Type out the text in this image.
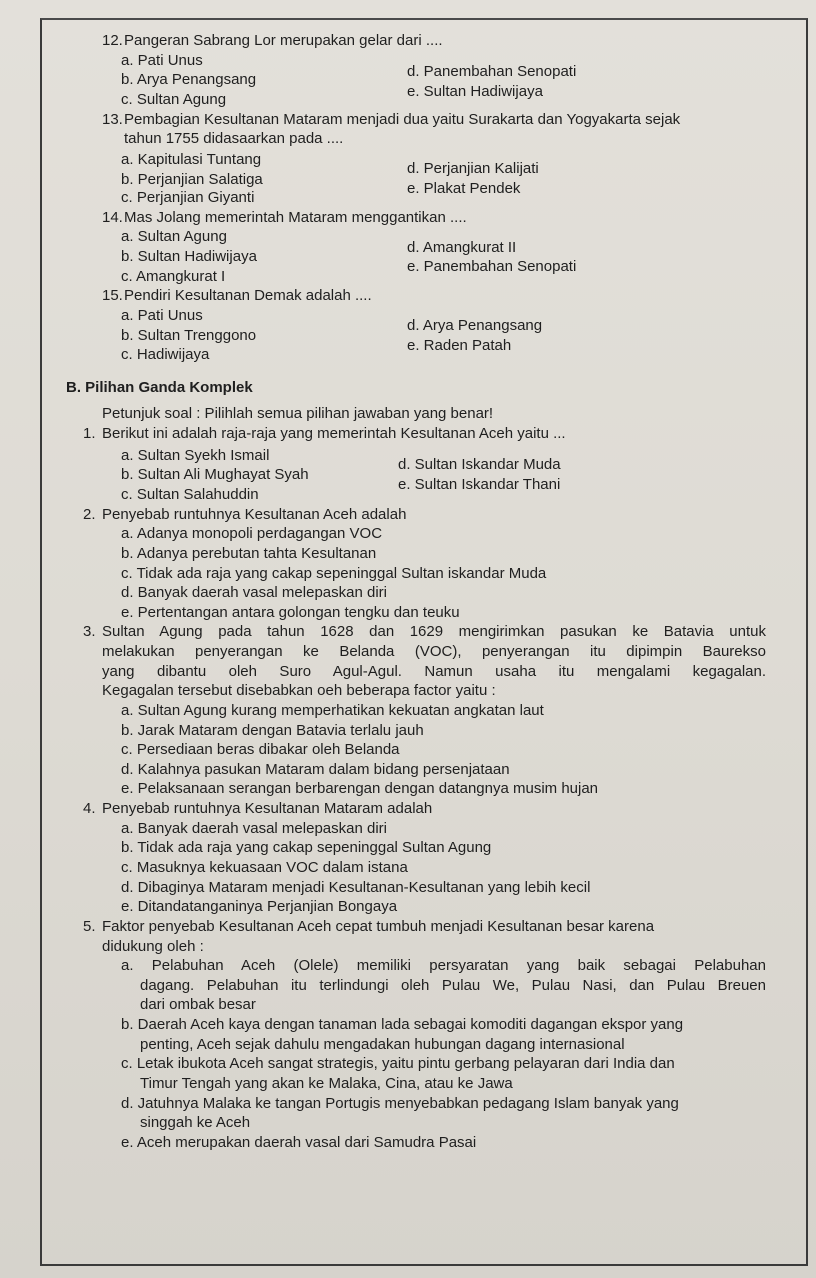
12. Pangeran Sabrang Lor merupakan gelar dari ....
a. Pati Unus
b. Arya Penangsang
c. Sultan Agung
d. Panembahan Senopati
e. Sultan Hadiwijaya
13. Pembagian Kesultanan Mataram menjadi dua yaitu Surakarta dan Yogyakarta sejak
tahun 1755 didasaarkan pada ....
a. Kapitulasi Tuntang
b. Perjanjian Salatiga
c. Perjanjian Giyanti
d. Perjanjian Kalijati
e. Plakat Pendek
14. Mas Jolang memerintah Mataram menggantikan ....
a. Sultan Agung
b. Sultan Hadiwijaya
c. Amangkurat I
d. Amangkurat II
e. Panembahan Senopati
15. Pendiri Kesultanan Demak adalah ....
a. Pati Unus
b. Sultan Trenggono
c. Hadiwijaya
d. Arya Penangsang
e. Raden Patah
B. Pilihan Ganda Komplek
Petunjuk soal : Pilihlah semua pilihan jawaban yang benar!
1. Berikut ini adalah raja-raja yang memerintah Kesultanan Aceh yaitu ...
a. Sultan Syekh Ismail
b. Sultan Ali Mughayat Syah
c. Sultan Salahuddin
d. Sultan Iskandar Muda
e. Sultan Iskandar Thani
2. Penyebab runtuhnya Kesultanan Aceh adalah
a. Adanya monopoli perdagangan VOC
b. Adanya perebutan tahta Kesultanan
c. Tidak ada raja yang cakap sepeninggal Sultan iskandar Muda
d. Banyak daerah vasal melepaskan diri
e. Pertentangan antara golongan tengku dan teuku
3. Sultan Agung pada tahun 1628 dan 1629 mengirimkan pasukan ke Batavia untuk
melakukan penyerangan ke Belanda (VOC), penyerangan itu dipimpin Baurekso
yang dibantu oleh Suro Agul-Agul. Namun usaha itu mengalami kegagalan.
Kegagalan tersebut disebabkan oeh beberapa factor yaitu :
a. Sultan Agung kurang memperhatikan kekuatan angkatan laut
b. Jarak Mataram dengan Batavia terlalu jauh
c. Persediaan beras dibakar oleh Belanda
d. Kalahnya pasukan Mataram dalam bidang persenjataan
e. Pelaksanaan serangan berbarengan dengan datangnya musim hujan
4. Penyebab runtuhnya Kesultanan Mataram adalah
a. Banyak daerah vasal melepaskan diri
b. Tidak ada raja yang cakap sepeninggal Sultan Agung
c. Masuknya kekuasaan VOC dalam istana
d. Dibaginya Mataram menjadi Kesultanan-Kesultanan yang lebih kecil
e. Ditandatanganinya Perjanjian Bongaya
5. Faktor penyebab Kesultanan Aceh cepat tumbuh menjadi Kesultanan besar karena
didukung oleh :
a. Pelabuhan Aceh (Olele) memiliki persyaratan yang baik sebagai Pelabuhan
dagang. Pelabuhan itu terlindungi oleh Pulau We, Pulau Nasi, dan Pulau Breuen
dari ombak besar
b. Daerah Aceh kaya dengan tanaman lada sebagai komoditi dagangan ekspor yang
penting, Aceh sejak dahulu mengadakan hubungan dagang internasional
c. Letak ibukota Aceh sangat strategis, yaitu pintu gerbang pelayaran dari India dan
Timur Tengah yang akan ke Malaka, Cina, atau ke Jawa
d. Jatuhnya Malaka ke tangan Portugis menyebabkan pedagang Islam banyak yang
singgah ke Aceh
e. Aceh merupakan daerah vasal dari Samudra Pasai
